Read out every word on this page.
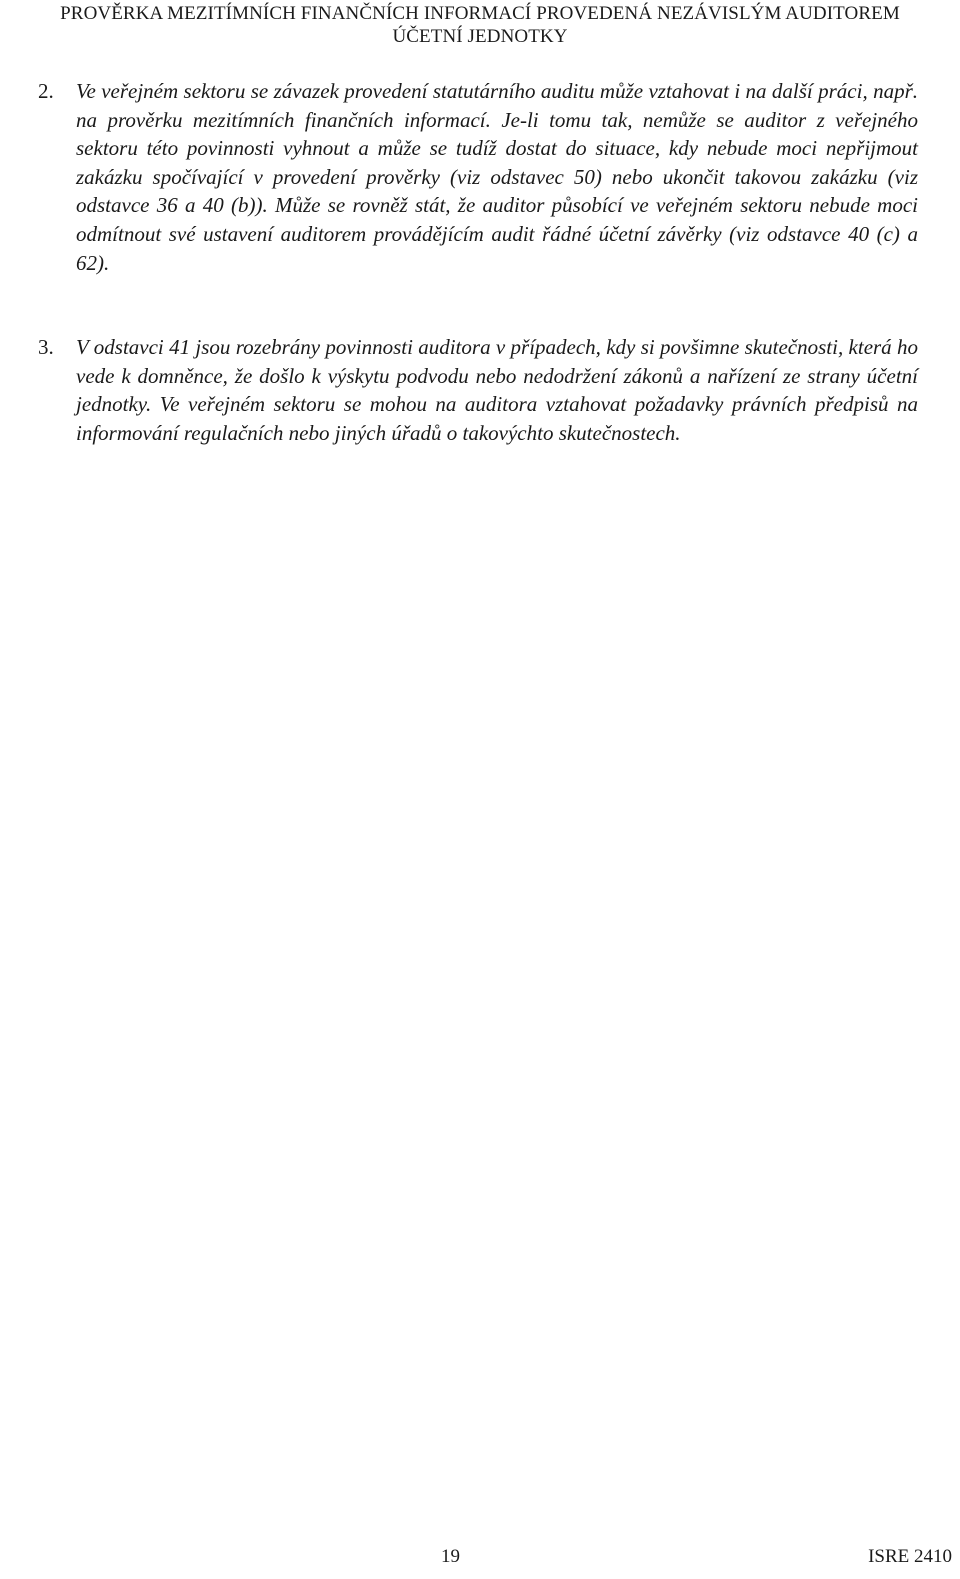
PROVĚRKA MEZITÍMNÍCH FINANČNÍCH INFORMACÍ PROVEDENÁ NEZÁVISLÝM AUDITOREM
ÚČETNÍ JEDNOTKY
2. Ve veřejném sektoru se závazek provedení statutárního auditu může vztahovat i na další práci, např. na prověrku mezitímních finančních informací. Je-li tomu tak, nemůže se auditor z veřejného sektoru této povinnosti vyhnout a může se tudíž dostat do situace, kdy nebude moci nepřijmout zakázku spočívající v provedení prověrky (viz odstavec 50) nebo ukončit takovou zakázku (viz odstavce 36 a 40 (b)). Může se rovněž stát, že auditor působící ve veřejném sektoru nebude moci odmítnout své ustavení auditorem provádějícím audit řádné účetní závěrky (viz odstavce 40 (c) a 62).
3. V odstavci 41 jsou rozebrány povinnosti auditora v případech, kdy si povšimne skutečnosti, která ho vede k domněnce, že došlo k výskytu podvodu nebo nedodržení zákonů a nařízení ze strany účetní jednotky. Ve veřejném sektoru se mohou na auditora vztahovat požadavky právních předpisů na informování regulačních nebo jiných úřadů o takovýchto skutečnostech.
19	ISRE 2410
